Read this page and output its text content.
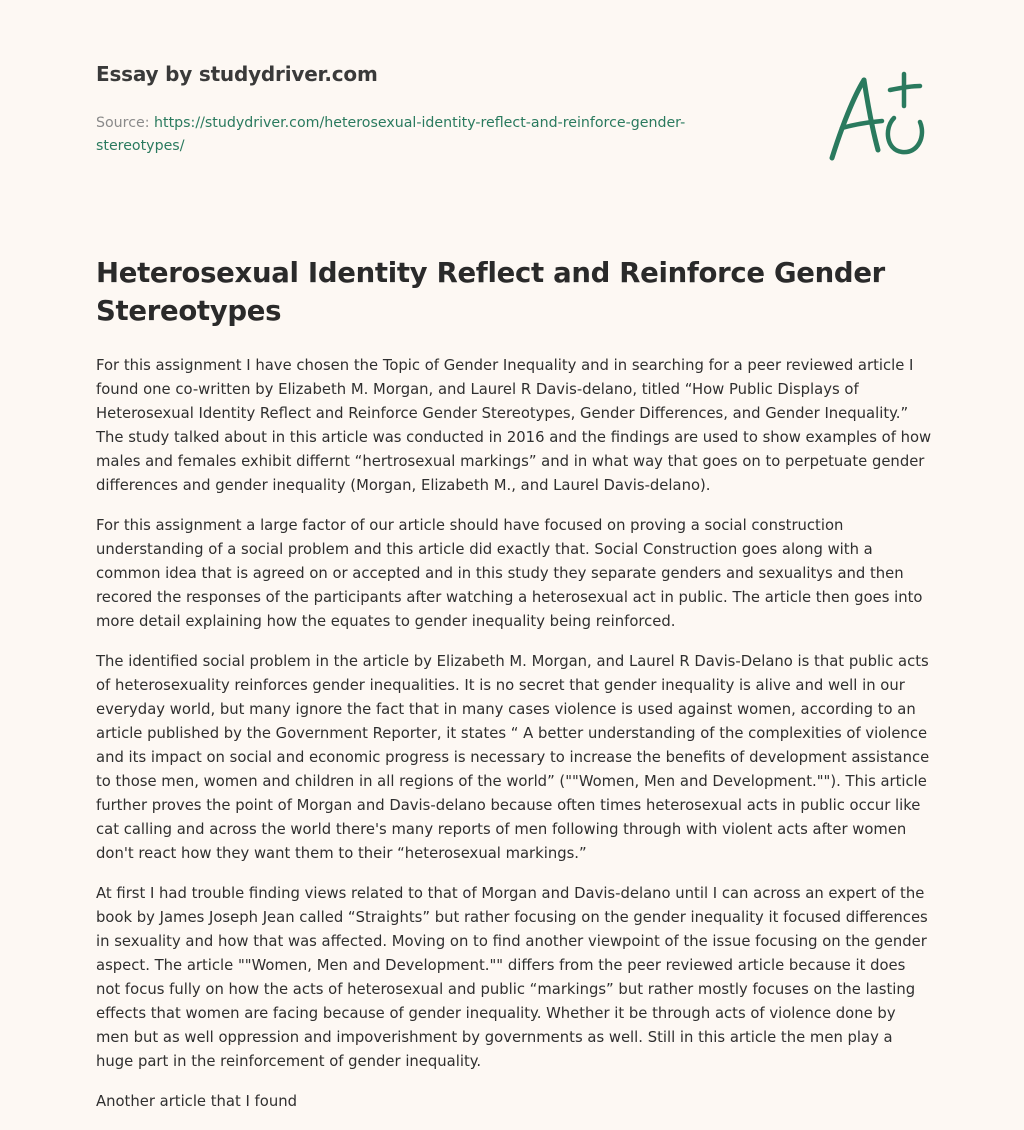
Essay by studydriver.com
Source: https://studydriver.com/heterosexual-identity-reflect-and-reinforce-gender-stereotypes/
Heterosexual Identity Reflect and Reinforce Gender Stereotypes

For this assignment I have chosen the Topic of Gender Inequality and in searching for a peer reviewed article I found one co-written by Elizabeth M. Morgan, and Laurel R Davis-delano, titled “How Public Displays of Heterosexual Identity Reflect and Reinforce Gender Stereotypes, Gender Differences, and Gender Inequality.” The study talked about in this article was conducted in 2016 and the findings are used to show examples of how males and females exhibit differnt “hertrosexual markings” and in what way that goes on to perpetuate gender differences and gender inequality (Morgan, Elizabeth M., and Laurel Davis-delano).

For this assignment a large factor of our article should have focused on proving a social construction understanding of a social problem and this article did exactly that. Social Construction goes along with a common idea that is agreed on or accepted and in this study they separate genders and sexualitys and then recored the responses of the participants after watching a heterosexual act in public. The article then goes into more detail explaining how the equates to gender inequality being reinforced.

The identified social problem in the article by Elizabeth M. Morgan, and Laurel R Davis-Delano is that public acts of heterosexuality reinforces gender inequalities. It is no secret that gender inequality is alive and well in our everyday world, but many ignore the fact that in many cases violence is used against women, according to an article published by the Government Reporter, it states “ A better understanding of the complexities of violence and its impact on social and economic progress is necessary to increase the benefits of development assistance to those men, women and children in all regions of the world” (""Women, Men and Development.""). This article further proves the point of Morgan and Davis-delano because often times heterosexual acts in public occur like cat calling and across the world there's many reports of men following through with violent acts after women don't react how they want them to their “heterosexual markings.”

At first I had trouble finding views related to that of Morgan and Davis-delano until I can across an expert of the book by James Joseph Jean called “Straights” but rather focusing on the gender inequality it focused differences in sexuality and how that was affected. Moving on to find another viewpoint of the issue focusing on the gender aspect. The article ""Women, Men and Development."" differs from the peer reviewed article because it does not focus fully on how the acts of heterosexual and public “markings” but rather mostly focuses on the lasting effects that women are facing because of gender inequality. Whether it be through acts of violence done by men but as well oppression and impoverishment by governments as well. Still in this article the men play a huge part in the reinforcement of gender inequality.

Another article that I found
